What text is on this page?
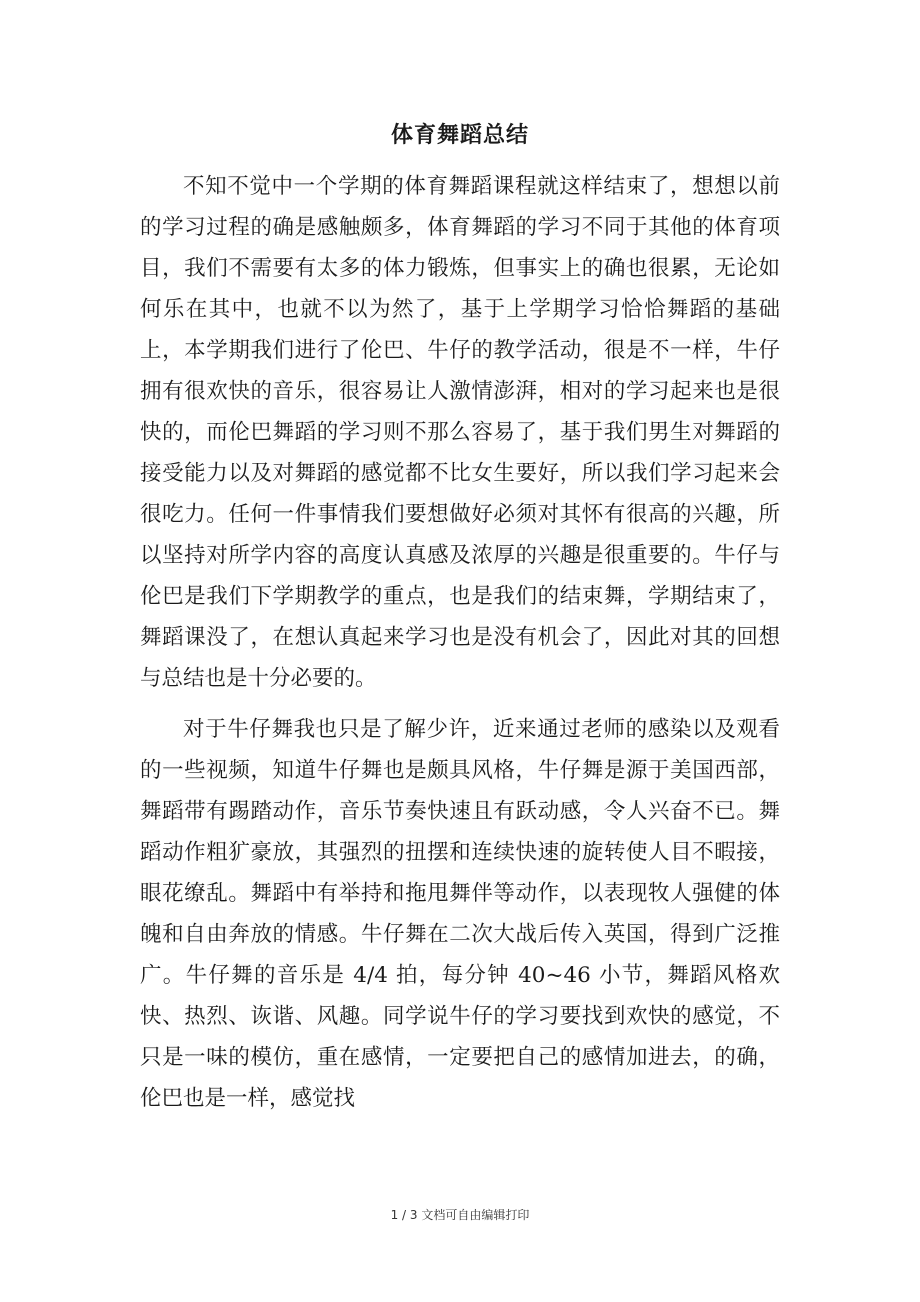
体育舞蹈总结

不知不觉中一个学期的体育舞蹈课程就这样结束了，想想以前的学习过程的确是感触颇多，体育舞蹈的学习不同于其他的体育项目，我们不需要有太多的体力锻炼，但事实上的确也很累，无论如何乐在其中，也就不以为然了，基于上学期学习恰恰舞蹈的基础上，本学期我们进行了伦巴、牛仔的教学活动，很是不一样，牛仔拥有很欢快的音乐，很容易让人激情澎湃，相对的学习起来也是很快的，而伦巴舞蹈的学习则不那么容易了，基于我们男生对舞蹈的接受能力以及对舞蹈的感觉都不比女生要好，所以我们学习起来会很吃力。任何一件事情我们要想做好必须对其怀有很高的兴趣，所以坚持对所学内容的高度认真感及浓厚的兴趣是很重要的。牛仔与伦巴是我们下学期教学的重点，也是我们的结束舞，学期结束了，舞蹈课没了，在想认真起来学习也是没有机会了，因此对其的回想与总结也是十分必要的。

对于牛仔舞我也只是了解少许，近来通过老师的感染以及观看的一些视频，知道牛仔舞也是颇具风格，牛仔舞是源于美国西部，舞蹈带有踢踏动作，音乐节奏快速且有跃动感，令人兴奋不已。舞蹈动作粗犷豪放，其强烈的扭摆和连续快速的旋转使人目不暇接，眼花缭乱。舞蹈中有举持和拖甩舞伴等动作，以表现牧人强健的体魄和自由奔放的情感。牛仔舞在二次大战后传入英国，得到广泛推广。牛仔舞的音乐是 4/4 拍，每分钟 40~46 小节，舞蹈风格欢快、热烈、诙谐、风趣。同学说牛仔的学习要找到欢快的感觉，不只是一味的模仿，重在感情，一定要把自己的感情加进去，的确，伦巴也是一样，感觉找

1 / 3 文档可自由编辑打印
